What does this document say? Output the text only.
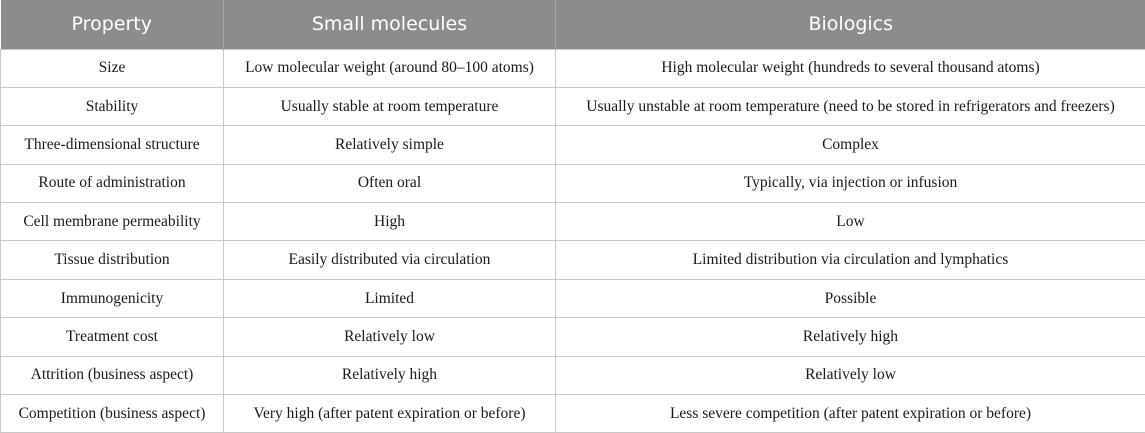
Property	Small molecules	Biologics
Size	Low molecular weight (around 80–100 atoms)	High molecular weight (hundreds to several thousand atoms)
Stability	Usually stable at room temperature	Usually unstable at room temperature (need to be stored in refrigerators and freezers)
Three-dimensional structure	Relatively simple	Complex
Route of administration	Often oral	Typically, via injection or infusion
Cell membrane permeability	High	Low
Tissue distribution	Easily distributed via circulation	Limited distribution via circulation and lymphatics
Immunogenicity	Limited	Possible
Treatment cost	Relatively low	Relatively high
Attrition (business aspect)	Relatively high	Relatively low
Competition (business aspect)	Very high (after patent expiration or before)	Less severe competition (after patent expiration or before)
